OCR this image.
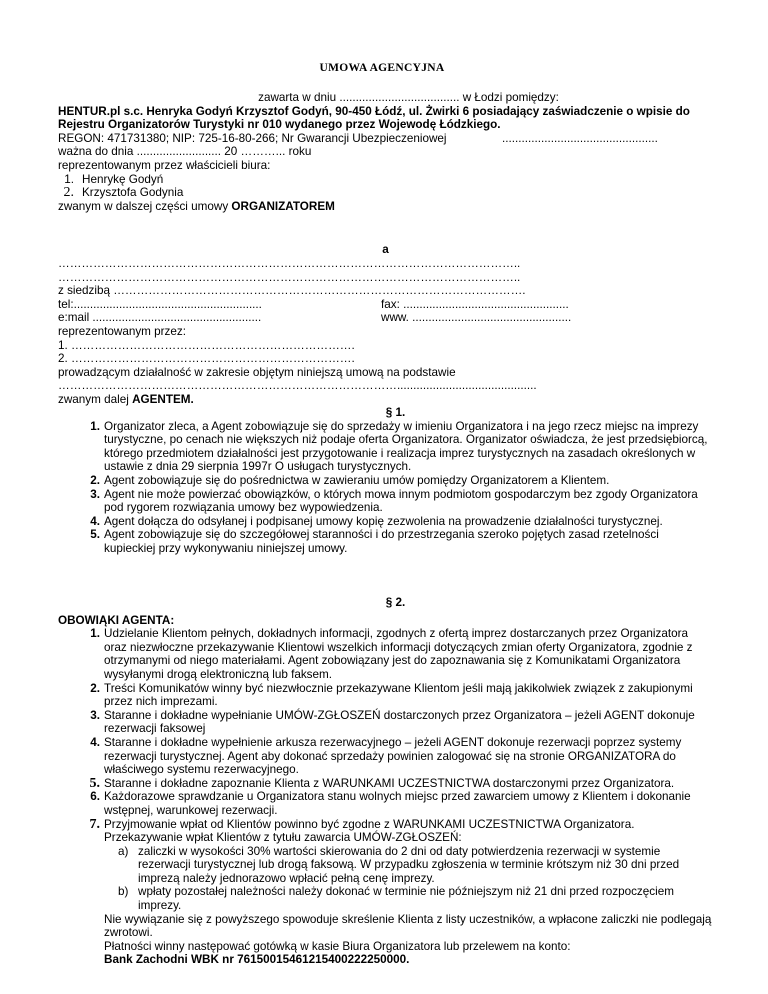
UMOWA AGENCYJNA
zawarta w dniu ..................................... w Łodzi pomiędzy:
HENTUR.pl s.c. Henryka Godyń Krzysztof Godyń, 90-450 Łódź, ul. Żwirki 6 posiadający zaświadczenie o wpisie do Rejestru Organizatorów Turystyki nr 010 wydanego przez Wojewodę Łódzkiego.
REGON: 471731380; NIP: 725-16-80-266; Nr Gwarancji Ubezpieczeniowej	................................................
ważna do dnia .......................... 20 ………... roku
reprezentowanym przez właścicieli biura:
1. Henrykę Godyń
2. Krzysztofa Godynia
zwanym w dalszej części umowy ORGANIZATOREM
a
………………………………………………………………………………………………………..
………………………………………………………………………………………………………..
z siedzibą …………………………………………………………………………………………….
tel:..........................................................	fax: ...................................................
e:mail ....................................................	www. .................................................
reprezentowanym przez:
1. ……………………………………………………………….
2. ……………………………………………………………….
prowadzącym działalność w zakresie objętym niniejszą umową na podstawie
……………………………………………………………………………...........................................
zwanym dalej AGENTEM.
§ 1.
1. Organizator zleca, a Agent zobowiązuje się do sprzedaży w imieniu Organizatora i na jego rzecz miejsc na imprezy turystyczne, po cenach nie większych niż podaje oferta Organizatora. Organizator oświadcza, że jest przedsiębiorcą, którego przedmiotem działalności jest przygotowanie i realizacja imprez turystycznych na zasadach określonych w ustawie z dnia 29 sierpnia 1997r O usługach turystycznych.
2. Agent zobowiązuje się do pośrednictwa w zawieraniu umów pomiędzy Organizatorem a Klientem.
3. Agent nie może powierzać obowiązków, o których mowa innym podmiotom gospodarczym bez zgody Organizatora pod rygorem rozwiązania umowy bez wypowiedzenia.
4. Agent dołącza do odsyłanej i podpisanej umowy kopię zezwolenia na prowadzenie działalności turystycznej.
5. Agent zobowiązuje się do szczegółowej staranności i do przestrzegania szeroko pojętych zasad rzetelności kupieckiej przy wykonywaniu niniejszej umowy.
§ 2.
OBOWIĄKI AGENTA:
1. Udzielanie Klientom pełnych, dokładnych informacji, zgodnych z ofertą imprez dostarczanych przez Organizatora oraz niezwłoczne przekazywanie Klientowi wszelkich informacji dotyczących zmian oferty Organizatora, zgodnie z otrzymanymi od niego materiałami. Agent zobowiązany jest do zapoznawania się z Komunikatami Organizatora wysyłanymi drogą elektroniczną lub faksem.
2. Treści Komunikatów winny być niezwłocznie przekazywane Klientom jeśli mają jakikolwiek związek z zakupionymi przez nich imprezami.
3. Staranne i dokładne wypełnianie UMÓW-ZGŁOSZEŃ dostarczonych przez Organizatora – jeżeli AGENT dokonuje rezerwacji faksowej
4. Staranne i dokładne wypełnienie arkusza rezerwacyjnego – jeżeli AGENT dokonuje rezerwacji poprzez systemy rezerwacji turystycznej. Agent aby dokonać sprzedaży powinien zalogować się na stronie ORGANIZATORA do właściwego systemu rezerwacyjnego.
5. Staranne i dokładne zapoznanie Klienta z WARUNKAMI UCZESTNICTWA dostarczonymi przez Organizatora.
6. Każdorazowe sprawdzanie u Organizatora stanu wolnych miejsc przed zawarciem umowy z Klientem i dokonanie wstępnej, warunkowej rezerwacji.
7. Przyjmowanie wpłat od Klientów powinno być zgodne z WARUNKAMI UCZESTNICTWA Organizatora. Przekazywanie wpłat Klientów z tytułu zawarcia UMÓW-ZGŁOSZEŃ:
a) zaliczki w wysokości 30% wartości skierowania do 2 dni od daty potwierdzenia rezerwacji w systemie rezerwacji turystycznej lub drogą faksową. W przypadku zgłoszenia w terminie krótszym niż 30 dni przed imprezą należy jednorazowo wpłacić pełną cenę imprezy.
b) wpłaty pozostałej należności należy dokonać w terminie nie późniejszym niż 21 dni przed rozpoczęciem imprezy.
Nie wywiązanie się z powyższego spowoduje skreślenie Klienta z listy uczestników, a wpłacone zaliczki nie podlegają zwrotowi.
Płatności winny następować gotówką w kasie Biura Organizatora lub przelewem na konto:
Bank Zachodni WBK nr 76150015461215400222250000.
